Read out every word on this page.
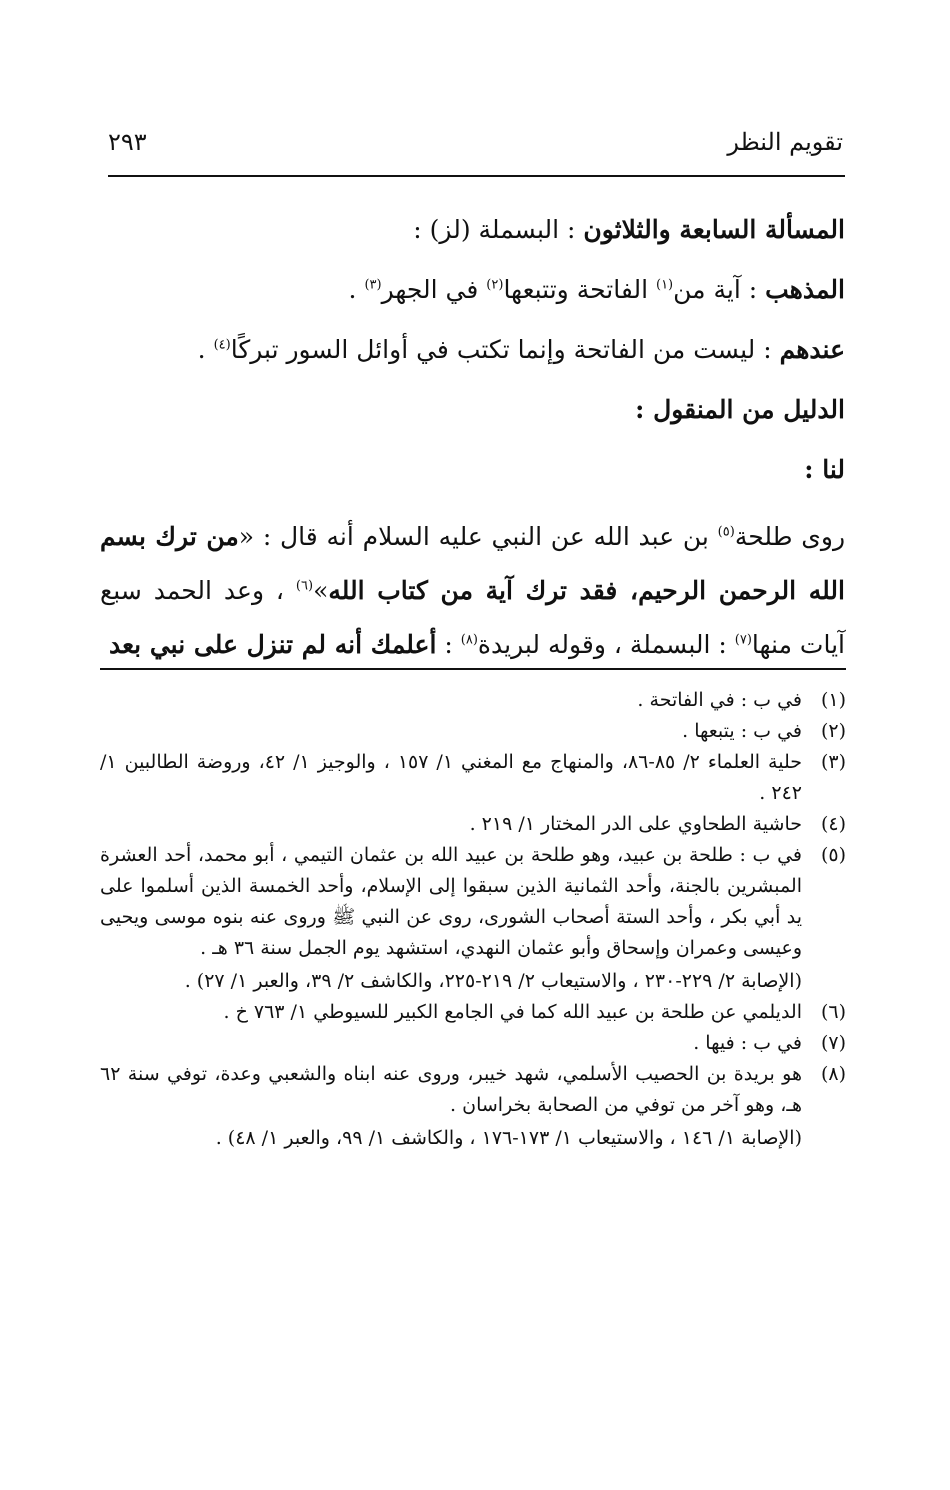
تقويم النظر
٢٩٣
المسألة السابعة والثلاثون : البسملة (لز) :
المذهب : آية من$^{(١)}$ الفاتحة وتتبعها$^{(٢)}$ في الجهر$^{(٣)}$ .
عندهم : ليست من الفاتحة وإنما تكتب في أوائل السور تبركًا$^{(٤)}$ .
الدليل من المنقول :
لنا :
روى طلحة$^{(٥)}$ بن عبد الله عن النبي عليه السلام أنه قال : «من ترك بسم الله الرحمن الرحيم، فقد ترك آية من كتاب الله»$^{(٦)}$ ، وعد الحمد سبع آيات منها$^{(٧)}$ : البسملة ، وقوله لبريدة$^{(٨)}$ : أعلمك أنه لم تنزل على نبي بعد
(١)
في ب : في الفاتحة .
(٢)
في ب : يتبعها .
(٣)
حلية العلماء ٢/ ٨٥-٨٦، والمنهاج مع المغني ١/ ١٥٧ ، والوجيز ١/ ٤٢، وروضة الطالبين ١/ ٢٤٢ .
(٤)
حاشية الطحاوي على الدر المختار ١/ ٢١٩ .
(٥)
في ب : طلحة بن عبيد، وهو طلحة بن عبيد الله بن عثمان التيمي ، أبو محمد، أحد العشرة المبشرين بالجنة، وأحد الثمانية الذين سبقوا إلى الإسلام، وأحد الخمسة الذين أسلموا على يد أبي بكر ، وأحد الستة أصحاب الشورى، روى عن النبي ﷺ وروى عنه بنوه موسى ويحيى وعيسى وعمران وإسحاق وأبو عثمان النهدي، استشهد يوم الجمل سنة ٣٦ هـ .
(الإصابة ٢/ ٢٢٩-٢٣٠ ، والاستيعاب ٢/ ٢١٩-٢٢٥، والكاشف ٢/ ٣٩، والعبر ١/ ٢٧) .
(٦)
الديلمي عن طلحة بن عبيد الله كما في الجامع الكبير للسيوطي ١/ ٧٦٣ خ .
(٧)
في ب : فيها .
(٨)
هو بريدة بن الحصيب الأسلمي، شهد خيبر، وروى عنه ابناه والشعبي وعدة، توفي سنة ٦٢ هـ، وهو آخر من توفي من الصحابة بخراسان .
(الإصابة ١/ ١٤٦ ، والاستيعاب ١/ ١٧٣-١٧٦ ، والكاشف ١/ ٩٩، والعبر ١/ ٤٨) .
